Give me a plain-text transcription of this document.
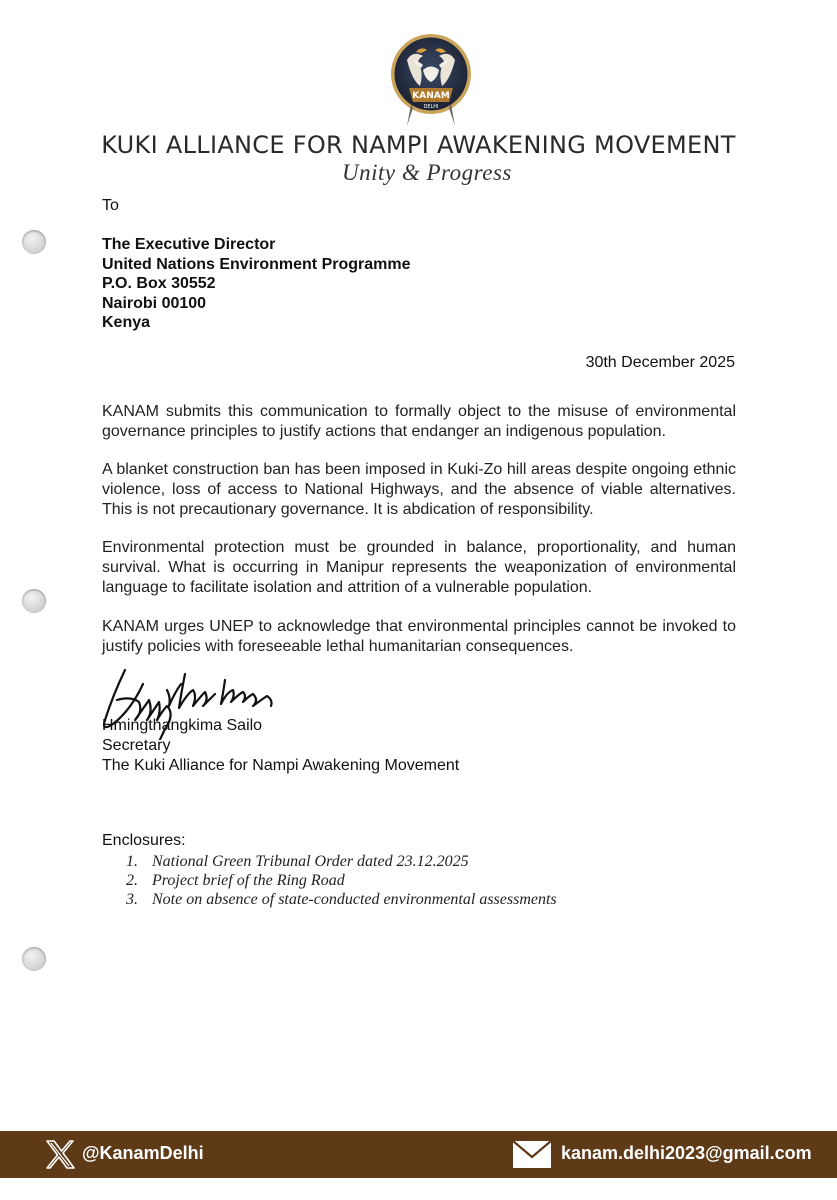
KANAM
DELHI
KUKI ALLIANCE FOR NAMPI AWAKENING MOVEMENT
Unity & Progress
To
The Executive Director
United Nations Environment Programme
P.O. Box 30552
Nairobi 00100
Kenya
30th December 2025
KANAM submits this communication to formally object to the misuse of environmental governance principles to justify actions that endanger an indigenous population.
A blanket construction ban has been imposed in Kuki-Zo hill areas despite ongoing ethnic violence, loss of access to National Highways, and the absence of viable alternatives. This is not precautionary governance. It is abdication of responsibility.
Environmental protection must be grounded in balance, proportionality, and human survival. What is occurring in Manipur represents the weaponization of environmental language to facilitate isolation and attrition of a vulnerable population.
KANAM urges UNEP to acknowledge that environmental principles cannot be invoked to justify policies with foreseeable lethal humanitarian consequences.
Hmingthangkima Sailo
Secretary
The Kuki Alliance for Nampi Awakening Movement
Enclosures:
1. National Green Tribunal Order dated 23.12.2025
2. Project brief of the Ring Road
3. Note on absence of state-conducted environmental assessments
@KanamDelhi	kanam.delhi2023@gmail.com
